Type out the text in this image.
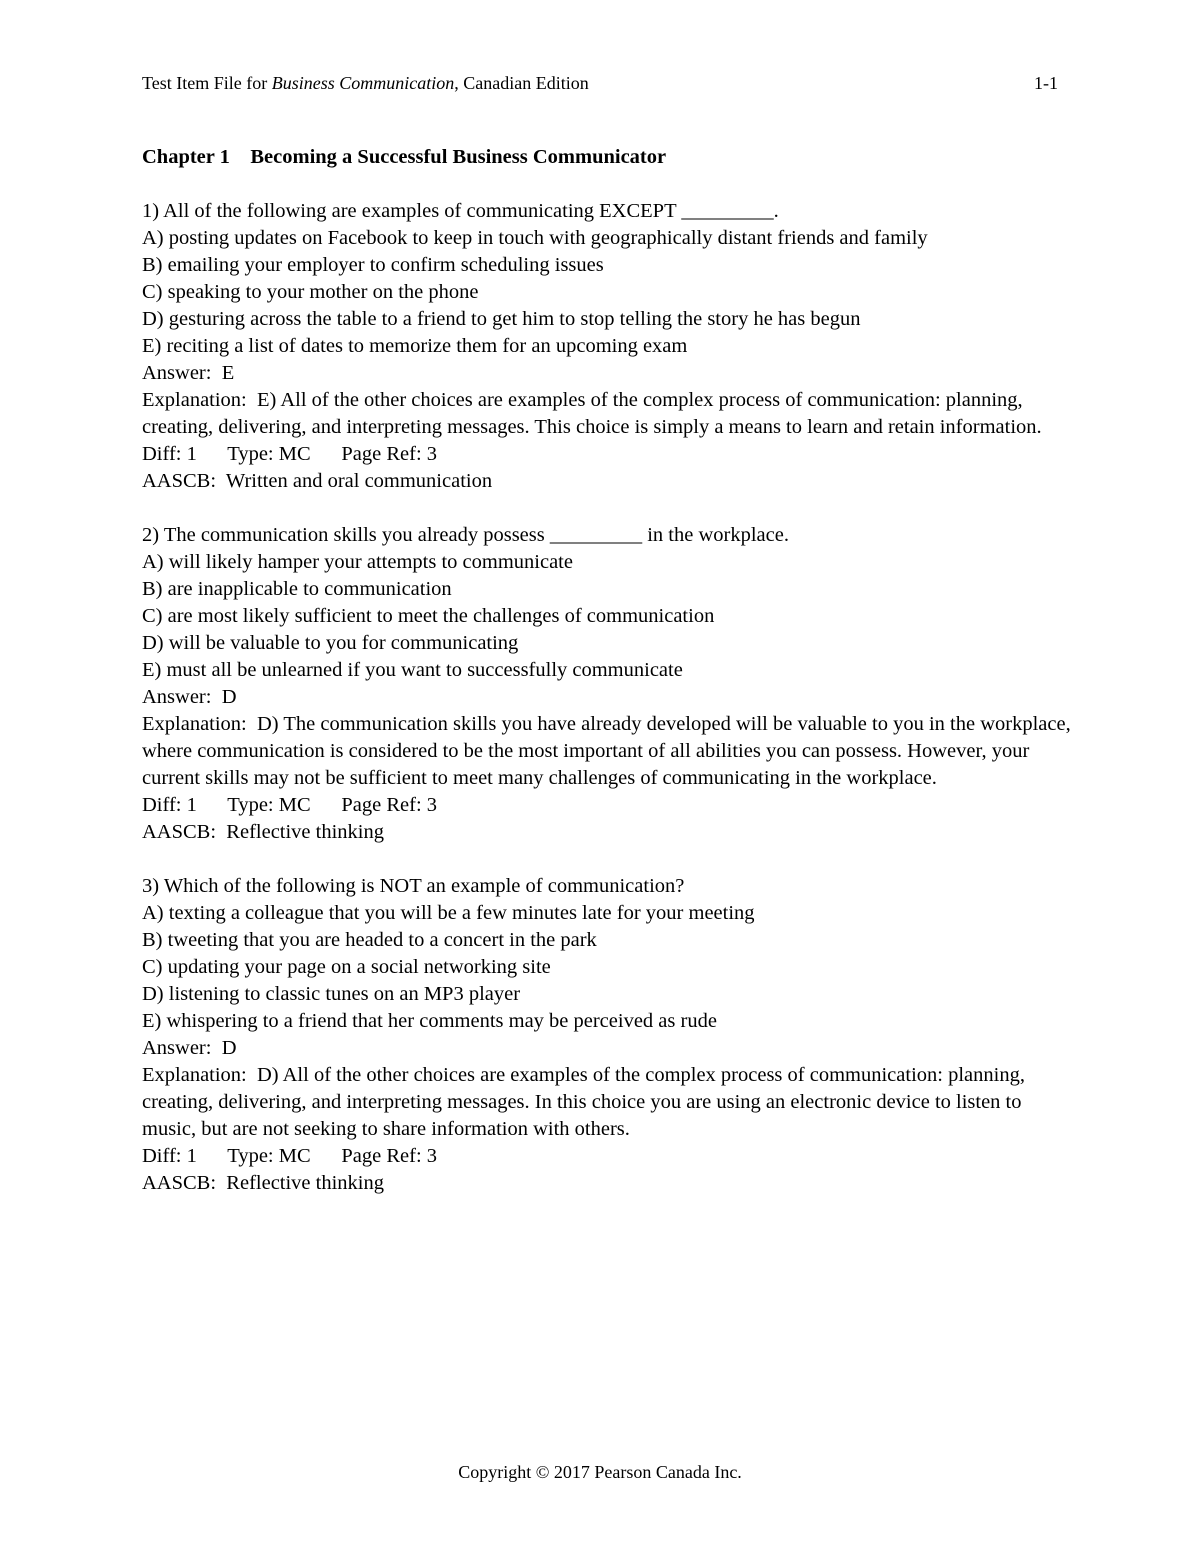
Test Item File for Business Communication, Canadian Edition	1-1
Chapter 1    Becoming a Successful Business Communicator
1) All of the following are examples of communicating EXCEPT _________.
A) posting updates on Facebook to keep in touch with geographically distant friends and family
B) emailing your employer to confirm scheduling issues
C) speaking to your mother on the phone
D) gesturing across the table to a friend to get him to stop telling the story he has begun
E) reciting a list of dates to memorize them for an upcoming exam
Answer:  E
Explanation:  E) All of the other choices are examples of the complex process of communication: planning, creating, delivering, and interpreting messages. This choice is simply a means to learn and retain information.
Diff: 1      Type: MC      Page Ref: 3
AASCB:  Written and oral communication
2) The communication skills you already possess _________ in the workplace.
A) will likely hamper your attempts to communicate
B) are inapplicable to communication
C) are most likely sufficient to meet the challenges of communication
D) will be valuable to you for communicating
E) must all be unlearned if you want to successfully communicate
Answer:  D
Explanation:  D) The communication skills you have already developed will be valuable to you in the workplace, where communication is considered to be the most important of all abilities you can possess. However, your current skills may not be sufficient to meet many challenges of communicating in the workplace.
Diff: 1      Type: MC      Page Ref: 3
AASCB:  Reflective thinking
3) Which of the following is NOT an example of communication?
A) texting a colleague that you will be a few minutes late for your meeting
B) tweeting that you are headed to a concert in the park
C) updating your page on a social networking site
D) listening to classic tunes on an MP3 player
E) whispering to a friend that her comments may be perceived as rude
Answer:  D
Explanation:  D) All of the other choices are examples of the complex process of communication: planning, creating, delivering, and interpreting messages. In this choice you are using an electronic device to listen to music, but are not seeking to share information with others.
Diff: 1      Type: MC      Page Ref: 3
AASCB:  Reflective thinking
Copyright © 2017 Pearson Canada Inc.
